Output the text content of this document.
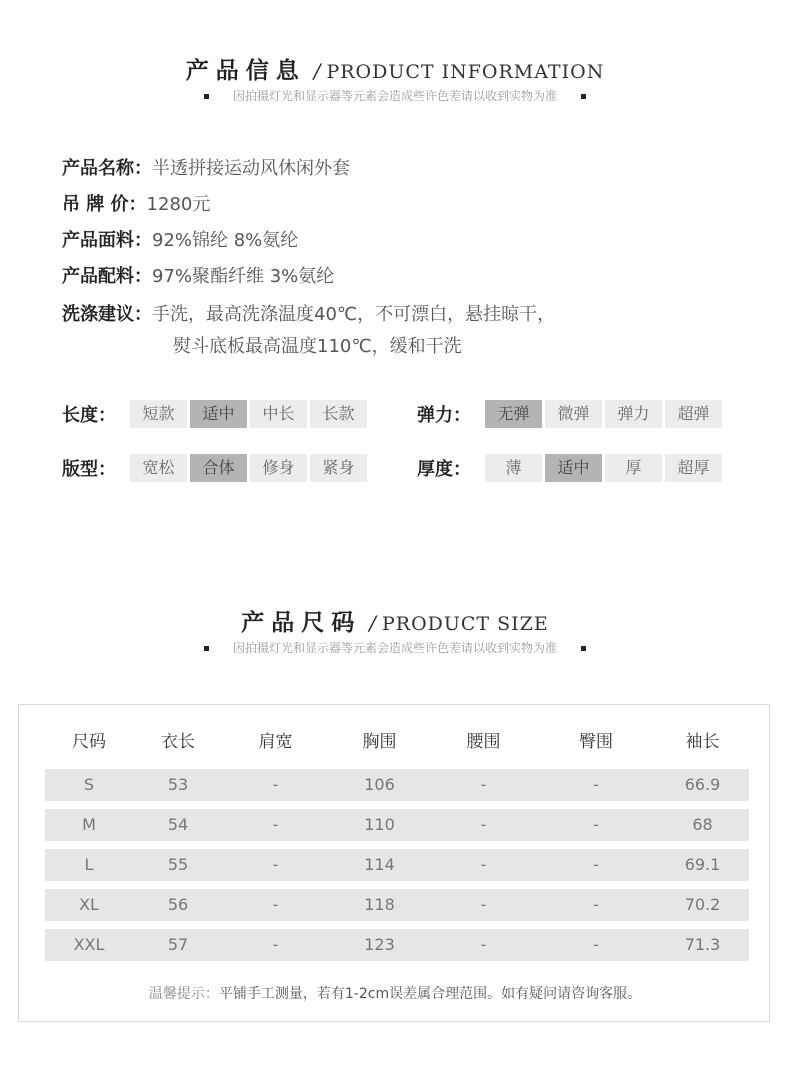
产品信息 / PRODUCT INFORMATION
因拍摄灯光和显示器等元素会造成些许色差请以收到实物为准
产品名称：半透拼接运动风休闲外套
吊 牌 价：1280元
产品面料：92%锦纶 8%氨纶
产品配料：97%聚酯纤维 3%氨纶
洗涤建议：手洗，最高洗涤温度40℃，不可漂白，悬挂晾干，
熨斗底板最高温度110℃，缓和干洗
长度：	短款	适中	中长	长款	弹力：	无弹	微弹	弹力	超弹
版型：	宽松	合体	修身	紧身	厚度：	薄	适中	厚	超厚
产品尺码 / PRODUCT SIZE
因拍摄灯光和显示器等元素会造成些许色差请以收到实物为准
尺码	衣长	肩宽	胸围	腰围	臀围	袖长
S	53	-	106	-	-	66.9
M	54	-	110	-	-	68
L	55	-	114	-	-	69.1
XL	56	-	118	-	-	70.2
XXL	57	-	123	-	-	71.3
温馨提示：平铺手工测量，若有1-2cm误差属合理范围。如有疑问请咨询客服。
